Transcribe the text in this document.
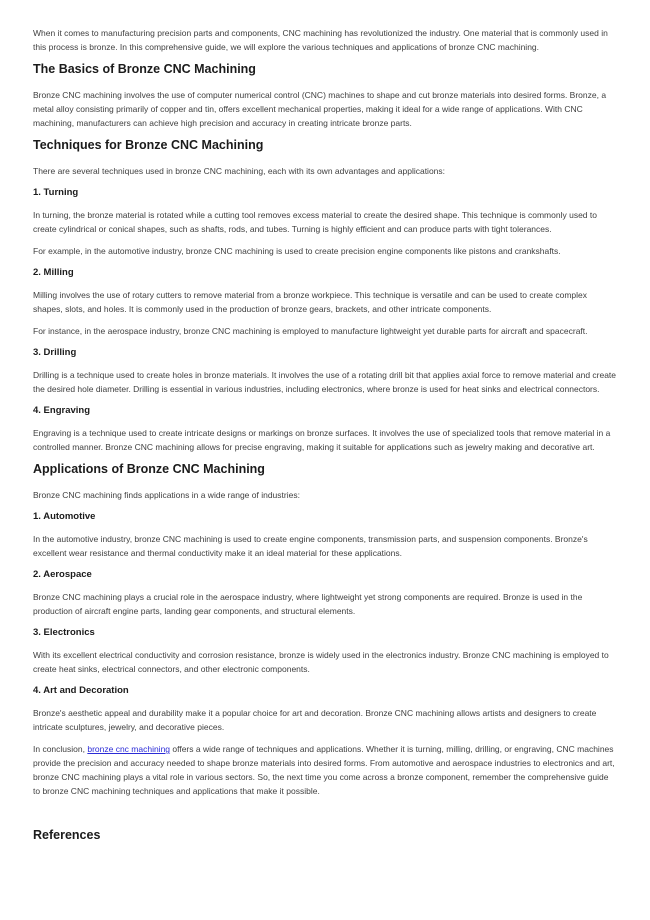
When it comes to manufacturing precision parts and components, CNC machining has revolutionized the industry. One material that is commonly used in this process is bronze. In this comprehensive guide, we will explore the various techniques and applications of bronze CNC machining.

The Basics of Bronze CNC Machining

Bronze CNC machining involves the use of computer numerical control (CNC) machines to shape and cut bronze materials into desired forms. Bronze, a metal alloy consisting primarily of copper and tin, offers excellent mechanical properties, making it ideal for a wide range of applications. With CNC machining, manufacturers can achieve high precision and accuracy in creating intricate bronze parts.

Techniques for Bronze CNC Machining

There are several techniques used in bronze CNC machining, each with its own advantages and applications:

1. Turning

In turning, the bronze material is rotated while a cutting tool removes excess material to create the desired shape. This technique is commonly used to create cylindrical or conical shapes, such as shafts, rods, and tubes. Turning is highly efficient and can produce parts with tight tolerances.

For example, in the automotive industry, bronze CNC machining is used to create precision engine components like pistons and crankshafts.

2. Milling

Milling involves the use of rotary cutters to remove material from a bronze workpiece. This technique is versatile and can be used to create complex shapes, slots, and holes. It is commonly used in the production of bronze gears, brackets, and other intricate components.

For instance, in the aerospace industry, bronze CNC machining is employed to manufacture lightweight yet durable parts for aircraft and spacecraft.

3. Drilling

Drilling is a technique used to create holes in bronze materials. It involves the use of a rotating drill bit that applies axial force to remove material and create the desired hole diameter. Drilling is essential in various industries, including electronics, where bronze is used for heat sinks and electrical connectors.

4. Engraving

Engraving is a technique used to create intricate designs or markings on bronze surfaces. It involves the use of specialized tools that remove material in a controlled manner. Bronze CNC machining allows for precise engraving, making it suitable for applications such as jewelry making and decorative art.

Applications of Bronze CNC Machining

Bronze CNC machining finds applications in a wide range of industries:

1. Automotive

In the automotive industry, bronze CNC machining is used to create engine components, transmission parts, and suspension components. Bronze's excellent wear resistance and thermal conductivity make it an ideal material for these applications.

2. Aerospace

Bronze CNC machining plays a crucial role in the aerospace industry, where lightweight yet strong components are required. Bronze is used in the production of aircraft engine parts, landing gear components, and structural elements.

3. Electronics

With its excellent electrical conductivity and corrosion resistance, bronze is widely used in the electronics industry. Bronze CNC machining is employed to create heat sinks, electrical connectors, and other electronic components.

4. Art and Decoration

Bronze's aesthetic appeal and durability make it a popular choice for art and decoration. Bronze CNC machining allows artists and designers to create intricate sculptures, jewelry, and decorative pieces.

In conclusion, bronze cnc machining offers a wide range of techniques and applications. Whether it is turning, milling, drilling, or engraving, CNC machines provide the precision and accuracy needed to shape bronze materials into desired forms. From automotive and aerospace industries to electronics and art, bronze CNC machining plays a vital role in various sectors. So, the next time you come across a bronze component, remember the comprehensive guide to bronze CNC machining techniques and applications that make it possible.

References
